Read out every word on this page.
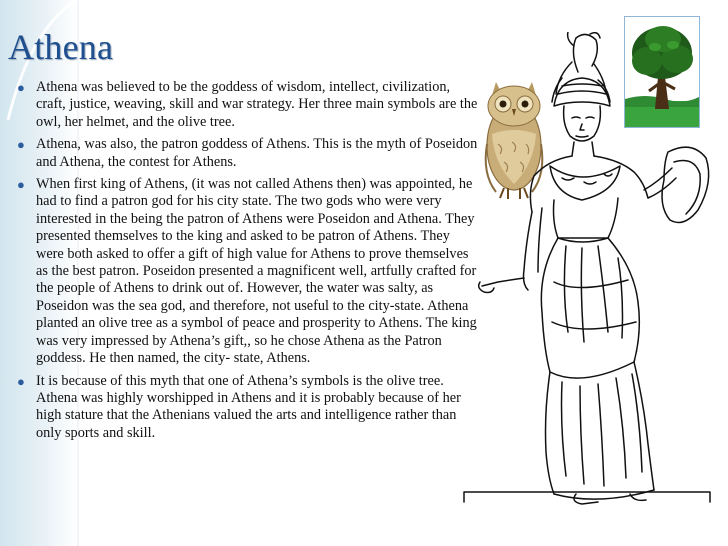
Athena
● Athena was believed to be the goddess of wisdom, intellect, civilization, craft, justice, weaving, skill and war strategy. Her three main symbols are the owl, her helmet, and the olive tree.
● Athena, was also, the patron goddess of Athens. This is the myth of Poseidon and Athena, the contest for Athens.
● When first king of Athens, (it was not called Athens then) was appointed, he had to find a patron god for his city state. The two gods who were very interested in the being the patron of Athens were Poseidon and Athena. They presented themselves to the king and asked to be patron of Athens. They were both asked to offer a gift of high value for Athens to prove themselves as the best patron. Poseidon presented a magnificent well, artfully crafted for the people of Athens to drink out of. However, the water was salty, as Poseidon was the sea god, and therefore, not useful to the city-state. Athena planted an olive tree as a symbol of peace and prosperity to Athens. The king was very impressed by Athena’s gift,, so he chose Athena as the Patron goddess. He then named, the city- state, Athens.
● It is because of this myth that one of Athena’s symbols is the olive tree. Athena was highly worshipped in Athens and it is probably because of her high stature that the Athenians valued the arts and intelligence rather than only sports and skill.
